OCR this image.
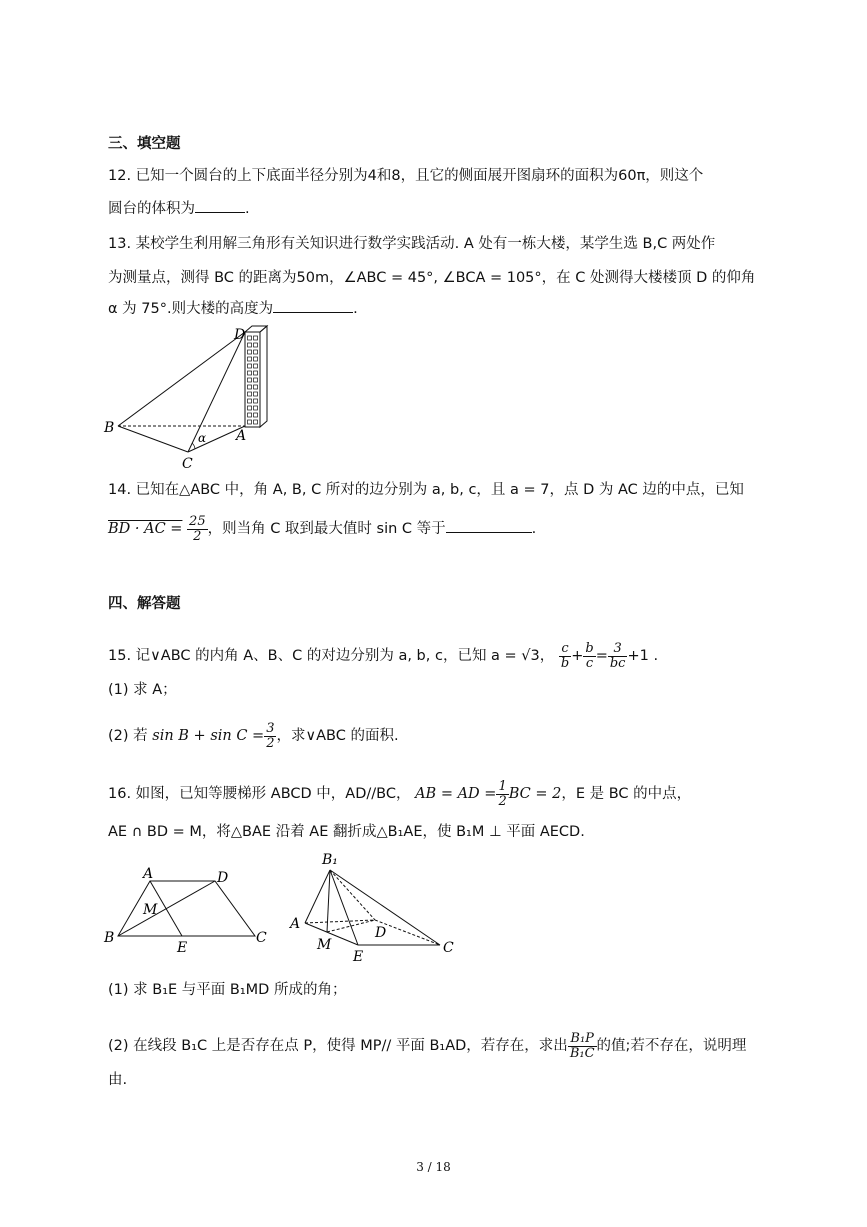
三、填空题
12. 已知一个圆台的上下底面半径分别为4和8，且它的侧面展开图扇环的面积为60π，则这个
圆台的体积为	.
13. 某校学生利用解三角形有关知识进行数学实践活动. A 处有一栋大楼，某学生选 B,C 两处作
为测量点，测得 BC 的距离为50m，∠ABC = 45°, ∠BCA = 105°，在 C 处测得大楼楼顶 D 的仰角
α 为 75°.则大楼的高度为	.
D
B	A
C
α
14. 已知在△ABC 中，角 A, B, C 所对的边分别为 a, b, c，且 a = 7，点 D 为 AC 边的中点，已知
BD · AC = $\frac{25}{2}$ ，则当角 C 取到最大值时 sin C 等于	.
四、解答题
15. 记∨ABC 的内角 A、B、C 的对边分别为 a, b, c，已知 a = √3， $\frac{c}{b} + \frac{b}{c} = \frac{3}{bc} +1$ .
(1) 求 A；
(2) 若 $\sin B + \sin C = \frac{3}{2}$ ，求∨ABC 的面积.
16. 如图，已知等腰梯形 ABCD 中，AD//BC， AB = AD = $\frac{1}{2}$ BC = 2，E 是 BC 的中点，
AE ∩ BD = M，将△BAE 沿着 AE 翻折成△B₁AE，使 B₁M ⊥ 平面 AECD.
A	D
M
B
E
C
B₁
A
D
M
E
C
(1) 求 B₁E 与平面 B₁MD 所成的角；
(2) 在线段 B₁C 上是否存在点 P，使得 MP// 平面 B₁AD，若存在，求出 $\frac{\text{B₁P}}{\text{B₁C}}$ 的值;若不存在，说明理
由.
3 / 18
